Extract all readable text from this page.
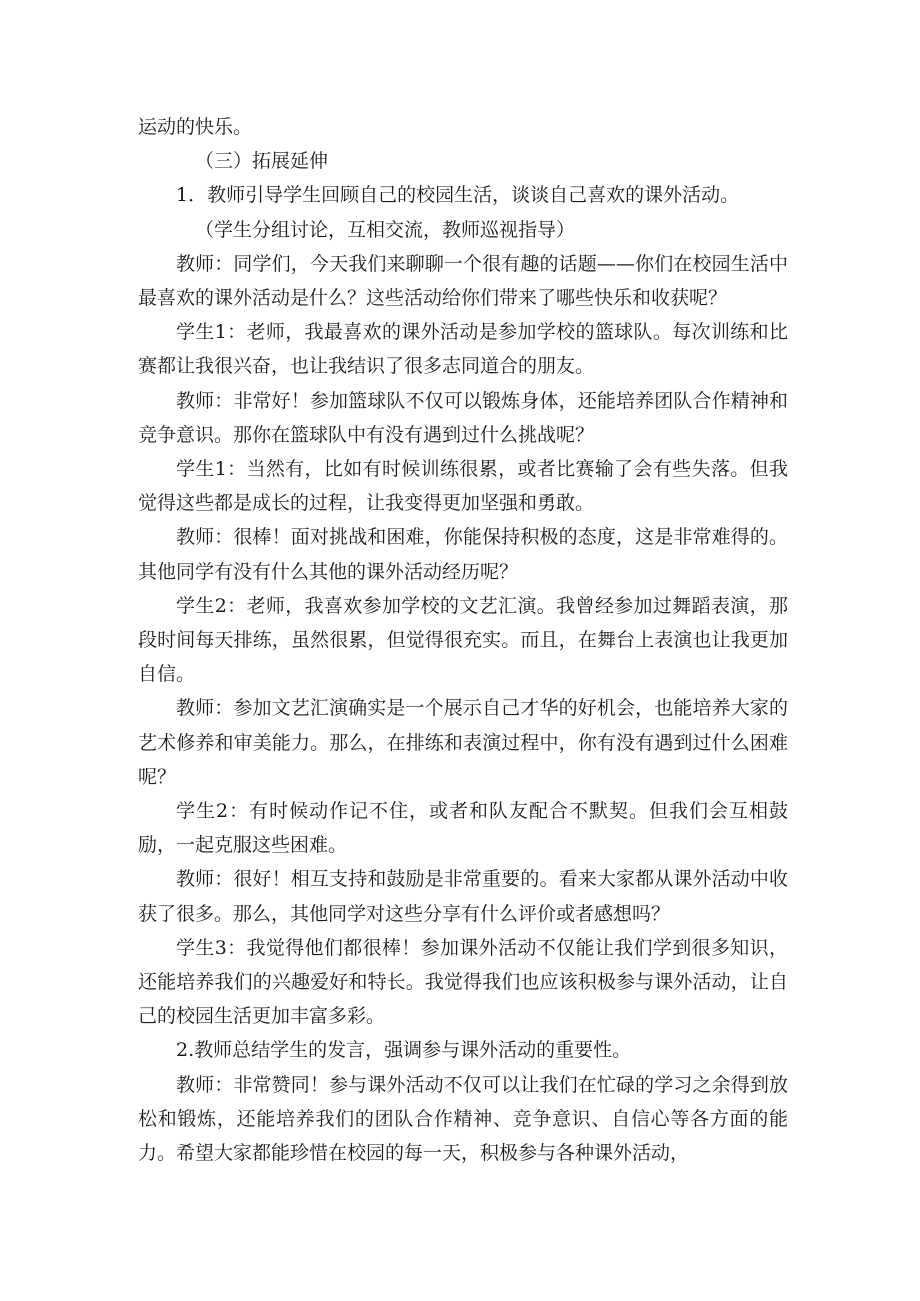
运动的快乐。

（三）拓展延伸

1．教师引导学生回顾自己的校园生活，谈谈自己喜欢的课外活动。

（学生分组讨论，互相交流，教师巡视指导）

教师：同学们，今天我们来聊聊一个很有趣的话题——你们在校园生活中最喜欢的课外活动是什么？这些活动给你们带来了哪些快乐和收获呢？

学生1：老师，我最喜欢的课外活动是参加学校的篮球队。每次训练和比赛都让我很兴奋，也让我结识了很多志同道合的朋友。

教师：非常好！参加篮球队不仅可以锻炼身体，还能培养团队合作精神和竞争意识。那你在篮球队中有没有遇到过什么挑战呢？

学生1：当然有，比如有时候训练很累，或者比赛输了会有些失落。但我觉得这些都是成长的过程，让我变得更加坚强和勇敢。

教师：很棒！面对挑战和困难，你能保持积极的态度，这是非常难得的。其他同学有没有什么其他的课外活动经历呢？

学生2：老师，我喜欢参加学校的文艺汇演。我曾经参加过舞蹈表演，那段时间每天排练，虽然很累，但觉得很充实。而且，在舞台上表演也让我更加自信。

教师：参加文艺汇演确实是一个展示自己才华的好机会，也能培养大家的艺术修养和审美能力。那么，在排练和表演过程中，你有没有遇到过什么困难呢？

学生2：有时候动作记不住，或者和队友配合不默契。但我们会互相鼓励，一起克服这些困难。

教师：很好！相互支持和鼓励是非常重要的。看来大家都从课外活动中收获了很多。那么，其他同学对这些分享有什么评价或者感想吗？

学生3：我觉得他们都很棒！参加课外活动不仅能让我们学到很多知识，还能培养我们的兴趣爱好和特长。我觉得我们也应该积极参与课外活动，让自己的校园生活更加丰富多彩。

2.教师总结学生的发言，强调参与课外活动的重要性。

教师：非常赞同！参与课外活动不仅可以让我们在忙碌的学习之余得到放松和锻炼，还能培养我们的团队合作精神、竞争意识、自信心等各方面的能力。希望大家都能珍惜在校园的每一天，积极参与各种课外活动，
